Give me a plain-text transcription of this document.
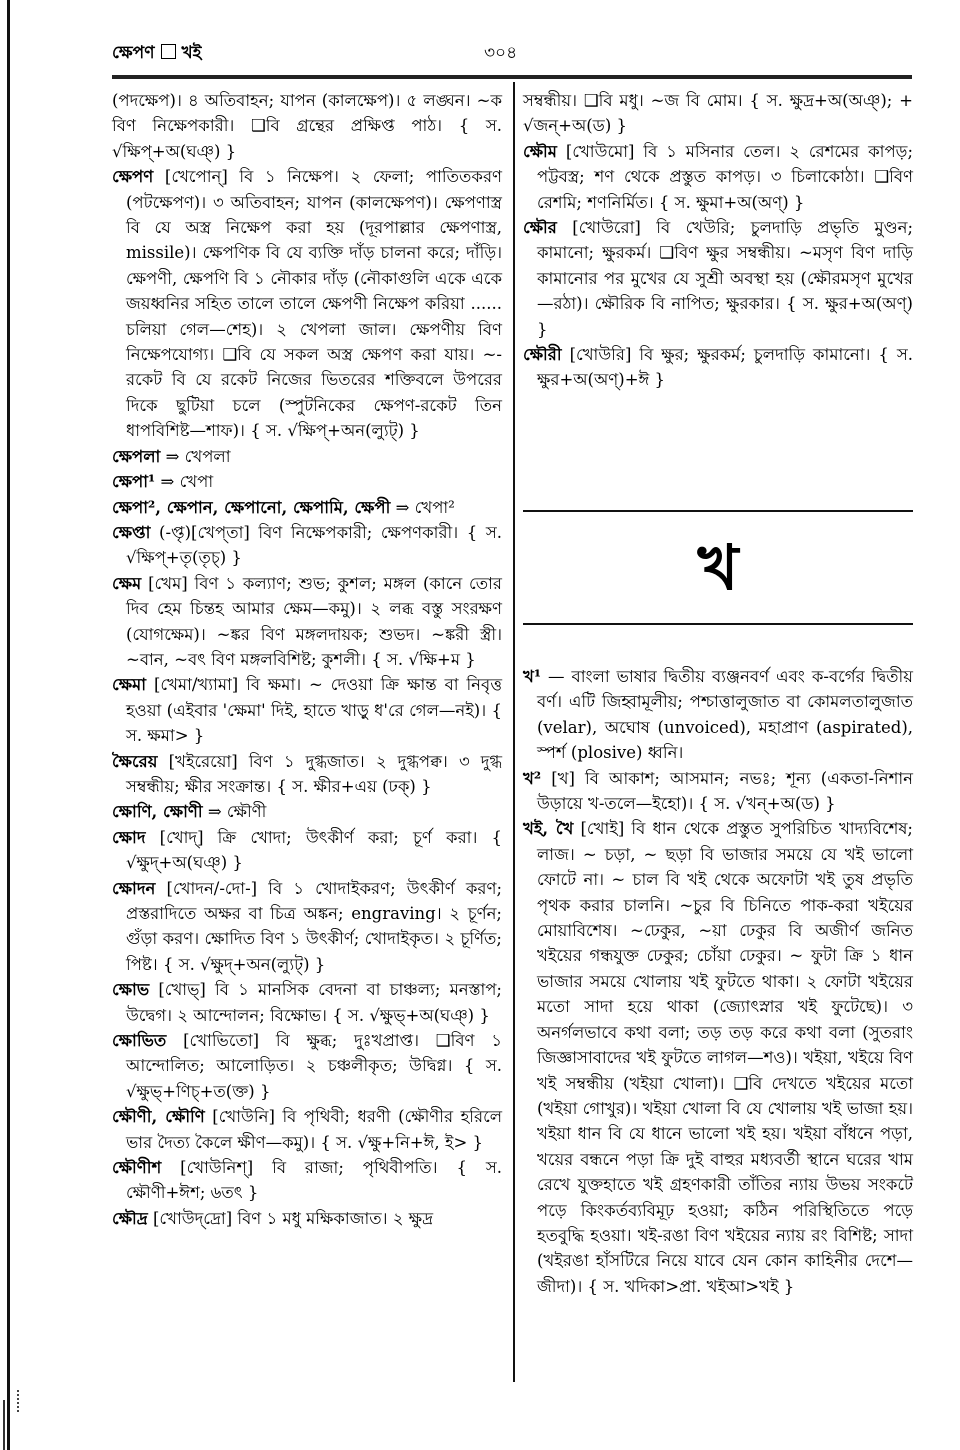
ক্ষেপণ খই	৩০৪

(পদক্ষেপ)। ৪ অতিবাহন; যাপন (কালক্ষেপ)। ৫ লঙ্ঘন। ~ক বিণ নিক্ষেপকারী। ❑বি গ্রন্থের প্রক্ষিপ্ত পাঠ। { স. √ক্ষিপ্+অ(ঘঞ্) }

ক্ষেপণ [খেপোন্] বি ১ নিক্ষেপ। ২ ফেলা; পাতিতকরণ (পটক্ষেপণ)। ৩ অতিবাহন; যাপন (কালক্ষেপণ)। ক্ষেপণাস্ত্র বি যে অস্ত্র নিক্ষেপ করা হয় (দূরপাল্লার ক্ষেপণাস্ত্র, missile)। ক্ষেপণিক বি যে ব্যক্তি দাঁড় চালনা করে; দাঁড়ি। ক্ষেপণী, ক্ষেপণি বি ১ নৌকার দাঁড় (নৌকাগুলি একে একে জয়ধ্বনির সহিত তালে তালে ক্ষেপণী নিক্ষেপ করিয়া ...... চলিয়া গেল—শেহ)। ২ খেপলা জাল। ক্ষেপণীয় বিণ নিক্ষেপযোগ্য। ❑বি যে সকল অস্ত্র ক্ষেপণ করা যায়। ~-রকেট বি যে রকেট নিজের ভিতরের শক্তিবলে উপরের দিকে ছুটিয়া চলে (স্পুটনিকের ক্ষেপণ-রকেট তিন ধাপবিশিষ্ট—শাফ)। { স. √ক্ষিপ্+অন(ল্যুট্) }

ক্ষেপলা ⇒ খেপলা

ক্ষেপা¹ ⇒ খেপা

ক্ষেপা², ক্ষেপান, ক্ষেপানো, ক্ষেপামি, ক্ষেপী ⇒ খেপা²

ক্ষেপ্তা (-প্তৃ)[খেপ্‌তা] বিণ নিক্ষেপকারী; ক্ষেপণকারী। { স. √ক্ষিপ্+তৃ(তৃচ্) }

ক্ষেম [খেম] বিণ ১ কল্যাণ; শুভ; কুশল; মঙ্গল (কানে তোর দিব হেম চিন্তহ আমার ক্ষেম—কমু)। ২ লব্ধ বস্তু সংরক্ষণ (যোগক্ষেম)। ~ঙ্কর বিণ মঙ্গলদায়ক; শুভদ। ~ঙ্করী স্ত্রী। ~বান, ~বৎ বিণ মঙ্গলবিশিষ্ট; কুশলী। { স. √ক্ষি+ম }

ক্ষেমা [খেমা/খ্যামা] বি ক্ষমা। ~ দেওয়া ক্রি ক্ষান্ত বা নিবৃত্ত হওয়া (এইবার 'ক্ষেমা' দিই, হাতে খাড়ু ধ'রে গেল—নই)। { স. ক্ষমা> }

ক্ষৈরেয় [খইরেয়ো] বিণ ১ দুগ্ধজাত। ২ দুগ্ধপক্ব। ৩ দুগ্ধ সম্বন্ধীয়; ক্ষীর সংক্রান্ত। { স. ক্ষীর+এয় (ঢক্) }

ক্ষোণি, ক্ষোণী ⇒ ক্ষৌণী

ক্ষোদ [খোদ্] ক্রি খোদা; উৎকীর্ণ করা; চূর্ণ করা। { √ক্ষুদ্+অ(ঘঞ্) }

ক্ষোদন [খোদন/-দো-] বি ১ খোদাইকরণ; উৎকীর্ণ করণ; প্রস্তরাদিতে অক্ষর বা চিত্র অঙ্কন; engraving। ২ চূর্ণন; গুঁড়া করণ। ক্ষোদিত বিণ ১ উৎকীর্ণ; খোদাইকৃত। ২ চূর্ণিত; পিষ্ট। { স. √ক্ষুদ্+অন(ল্যুট্) }

ক্ষোভ [খোভ্] বি ১ মানসিক বেদনা বা চাঞ্চল্য; মনস্তাপ; উদ্বেগ। ২ আন্দোলন; বিক্ষোভ। { স. √ক্ষুভ্+অ(ঘঞ্) }

ক্ষোভিত [খোভিতো] বি ক্ষুব্ধ; দুঃখপ্রাপ্ত। ❑বিণ ১ আন্দোলিত; আলোড়িত। ২ চঞ্চলীকৃত; উদ্বিগ্ন। { স. √ক্ষুভ্+ণিচ্+ত(ক্ত) }

ক্ষৌণী, ক্ষৌণি [খোউনি] বি পৃথিবী; ধরণী (ক্ষৌণীর হরিলে ভার দৈত্য কৈলে ক্ষীণ—কমু)। { স. √ক্ষু+নি+ঈ, ই> }

ক্ষৌণীশ [খোউনিশ্] বি রাজা; পৃথিবীপতি। { স. ক্ষৌণী+ঈশ; ৬তৎ }

ক্ষৌদ্র [খোউদ্‌দ্রো] বিণ ১ মধু মক্ষিকাজাত। ২ ক্ষুদ্র

সম্বন্ধীয়। ❑বি মধু। ~জ বি মোম। { স. ক্ষুদ্র+অ(অঞ্); + √জন্+অ(ড) }

ক্ষৌম [খোউমো] বি ১ মসিনার তেল। ২ রেশমের কাপড়; পট্টবস্ত্র; শণ থেকে প্রস্তুত কাপড়। ৩ চিলাকোঠা। ❑বিণ রেশমি; শণনির্মিত। { স. ক্ষুমা+অ(অণ্) }

ক্ষৌর [খোউরো] বি খেউরি; চুলদাড়ি প্রভৃতি মুণ্ডন; কামানো; ক্ষুরকর্ম। ❑বিণ ক্ষুর সম্বন্ধীয়। ~মসৃণ বিণ দাড়ি কামানোর পর মুখের যে সুশ্রী অবস্থা হয় (ক্ষৌরমসৃণ মুখের—রঠা)। ক্ষৌরিক বি নাপিত; ক্ষুরকার। { স. ক্ষুর+অ(অণ্) }

ক্ষৌরী [খোউরি] বি ক্ষুর; ক্ষুরকর্ম; চুলদাড়ি কামানো। { স. ক্ষুর+অ(অণ্)+ঈ }

খ

খ¹ — বাংলা ভাষার দ্বিতীয় ব্যঞ্জনবর্ণ এবং ক-বর্গের দ্বিতীয় বর্ণ। এটি জিহ্বামূলীয়; পশ্চাত্তালুজাত বা কোমলতালুজাত (velar), অঘোষ (unvoiced), মহাপ্রাণ (aspirated), স্পর্শ (plosive) ধ্বনি।

খ² [খ] বি আকাশ; আসমান; নভঃ; শূন্য (একতা-নিশান উড়ায়ে খ-তলে—ইহো)। { স. √খন্+অ(ড) }

খই, খৈ [খোই] বি ধান থেকে প্রস্তুত সুপরিচিত খাদ্যবিশেষ; লাজ। ~ চড়া, ~ ছড়া বি ভাজার সময়ে যে খই ভালো ফোটে না। ~ চাল বি খই থেকে অফোটা খই তুষ প্রভৃতি পৃথক করার চালনি। ~চুর বি চিনিতে পাক-করা খইয়ের মোয়াবিশেষ। ~ঢেকুর, ~য়া ঢেকুর বি অজীর্ণ জনিত খইয়ের গন্ধযুক্ত ঢেকুর; চোঁয়া ঢেকুর। ~ ফুটা ক্রি ১ ধান ভাজার সময়ে খোলায় খই ফুটতে থাকা। ২ ফোটা খইয়ের মতো সাদা হয়ে থাকা (জ্যোৎস্নার খই ফুটেছে)। ৩ অনর্গলভাবে কথা বলা; তড় তড় করে কথা বলা (সুতরাং জিজ্ঞাসাবাদের খই ফুটতে লাগল—শও)। খইয়া, খইয়ে বিণ খই সম্বন্ধীয় (খইয়া খোলা)। ❑বি দেখতে খইয়ের মতো (খইয়া গোখুর)। খইয়া খোলা বি যে খোলায় খই ভাজা হয়। খইয়া ধান বি যে ধানে ভালো খই হয়। খইয়া বাঁধনে পড়া, খয়ের বন্ধনে পড়া ক্রি দুই বাহুর মধ্যবর্তী স্থানে ঘরের খাম রেখে যুক্তহাতে খই গ্রহণকারী তাঁতির ন্যায় উভয় সংকটে পড়ে কিংকর্তব্যবিমূঢ় হওয়া; কঠিন পরিস্থিতিতে পড়ে হতবুদ্ধি হওয়া। খই-রঙা বিণ খইয়ের ন্যায় রং বিশিষ্ট; সাদা (খইরঙা হাঁসটিরে নিয়ে যাবে যেন কোন কাহিনীর দেশে—জীদা)। { স. খদিকা>প্রা. খইআ>খই }
